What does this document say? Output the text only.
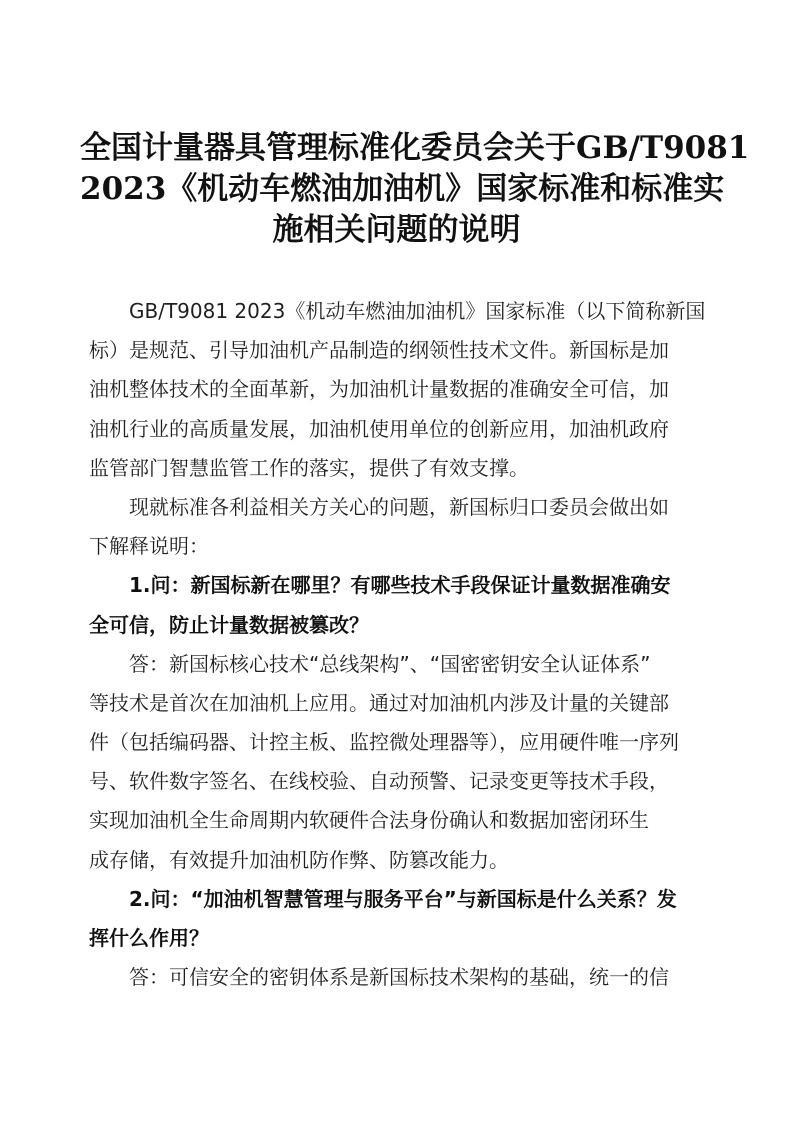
全国计量器具管理标准化委员会关于GB/T9081
2023《机动车燃油加油机》国家标准和标准实
施相关问题的说明
GB/T9081 2023《机动车燃油加油机》国家标准（以下简称新国
标）是规范、引导加油机产品制造的纲领性技术文件。新国标是加
油机整体技术的全面革新，为加油机计量数据的准确安全可信，加
油机行业的高质量发展，加油机使用单位的创新应用，加油机政府
监管部门智慧监管工作的落实，提供了有效支撑。
现就标准各利益相关方关心的问题，新国标归口委员会做出如
下解释说明：
1.问：新国标新在哪里？有哪些技术手段保证计量数据准确安
全可信，防止计量数据被篡改？
答：新国标核心技术“总线架构”、“国密密钥安全认证体系”
等技术是首次在加油机上应用。通过对加油机内涉及计量的关键部
件（包括编码器、计控主板、监控微处理器等），应用硬件唯一序列
号、软件数字签名、在线校验、自动预警、记录变更等技术手段，
实现加油机全生命周期内软硬件合法身份确认和数据加密闭环生
成存储，有效提升加油机防作弊、防篡改能力。
2.问：“加油机智慧管理与服务平台”与新国标是什么关系？发
挥什么作用？
答：可信安全的密钥体系是新国标技术架构的基础，统一的信
